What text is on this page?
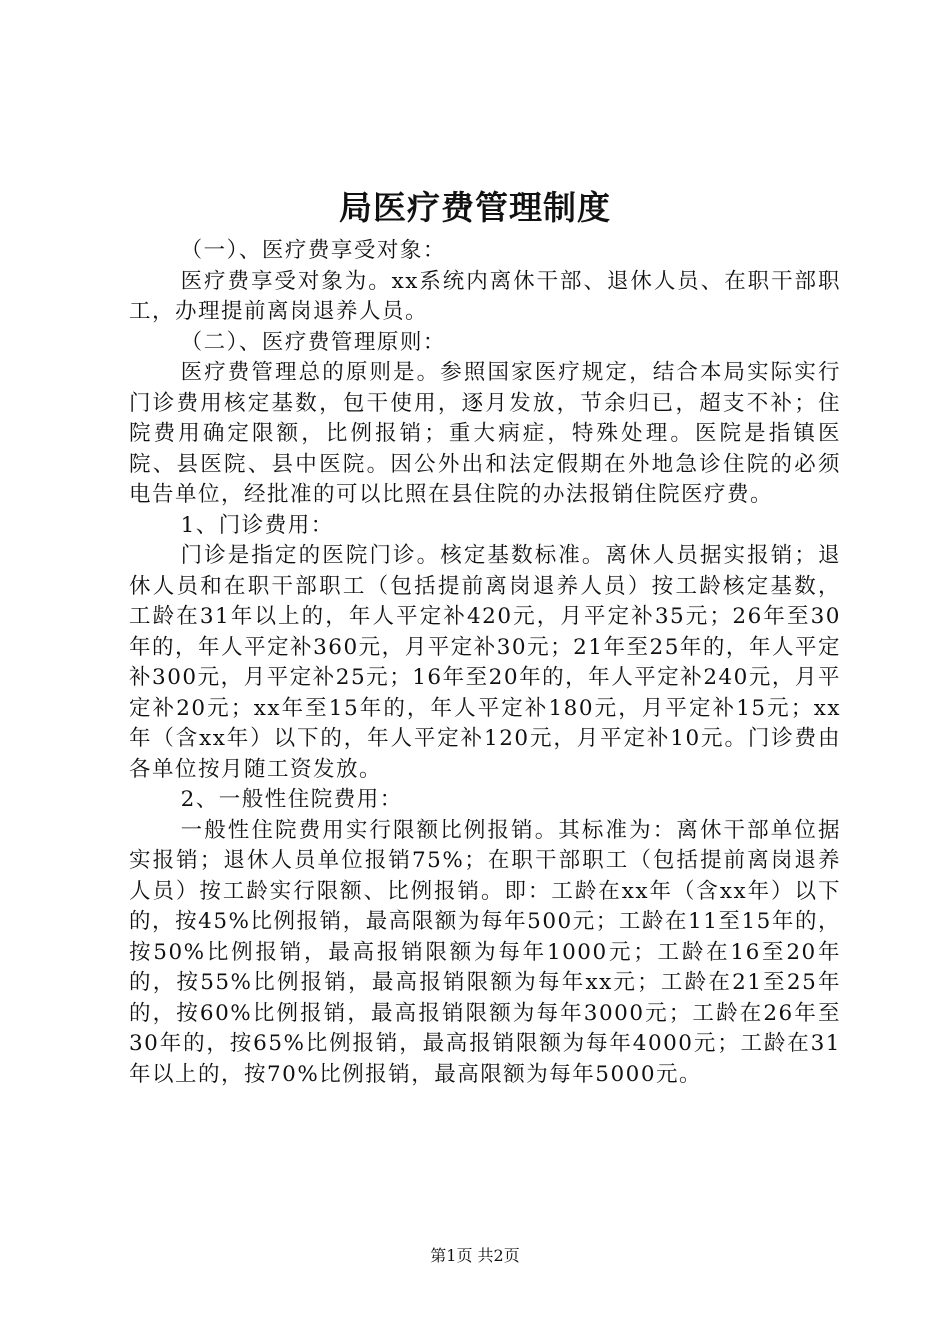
局医疗费管理制度

（一）、医疗费享受对象：

医疗费享受对象为。xx系统内离休干部、退休人员、在职干部职工，办理提前离岗退养人员。

（二）、医疗费管理原则：

医疗费管理总的原则是。参照国家医疗规定，结合本局实际实行门诊费用核定基数，包干使用，逐月发放，节余归已，超支不补；住院费用确定限额，比例报销；重大病症，特殊处理。医院是指镇医院、县医院、县中医院。因公外出和法定假期在外地急诊住院的必须电告单位，经批准的可以比照在县住院的办法报销住院医疗费。

1、门诊费用：

门诊是指定的医院门诊。核定基数标准。离休人员据实报销；退休人员和在职干部职工（包括提前离岗退养人员）按工龄核定基数，工龄在31年以上的，年人平定补420元，月平定补35元；26年至30年的，年人平定补360元，月平定补30元；21年至25年的，年人平定补300元，月平定补25元；16年至20年的，年人平定补240元，月平定补20元；xx年至15年的，年人平定补180元，月平定补15元；xx年（含xx年）以下的，年人平定补120元，月平定补10元。门诊费由各单位按月随工资发放。

2、一般性住院费用：

一般性住院费用实行限额比例报销。其标准为：离休干部单位据实报销；退休人员单位报销75%；在职干部职工（包括提前离岗退养人员）按工龄实行限额、比例报销。即：工龄在xx年（含xx年）以下的，按45%比例报销，最高限额为每年500元；工龄在11至15年的，按50%比例报销，最高报销限额为每年1000元；工龄在16至20年的，按55%比例报销，最高报销限额为每年xx元；工龄在21至25年的，按60%比例报销，最高报销限额为每年3000元；工龄在26年至30年的，按65%比例报销，最高报销限额为每年4000元；工龄在31年以上的，按70%比例报销，最高限额为每年5000元。

第1页 共2页
